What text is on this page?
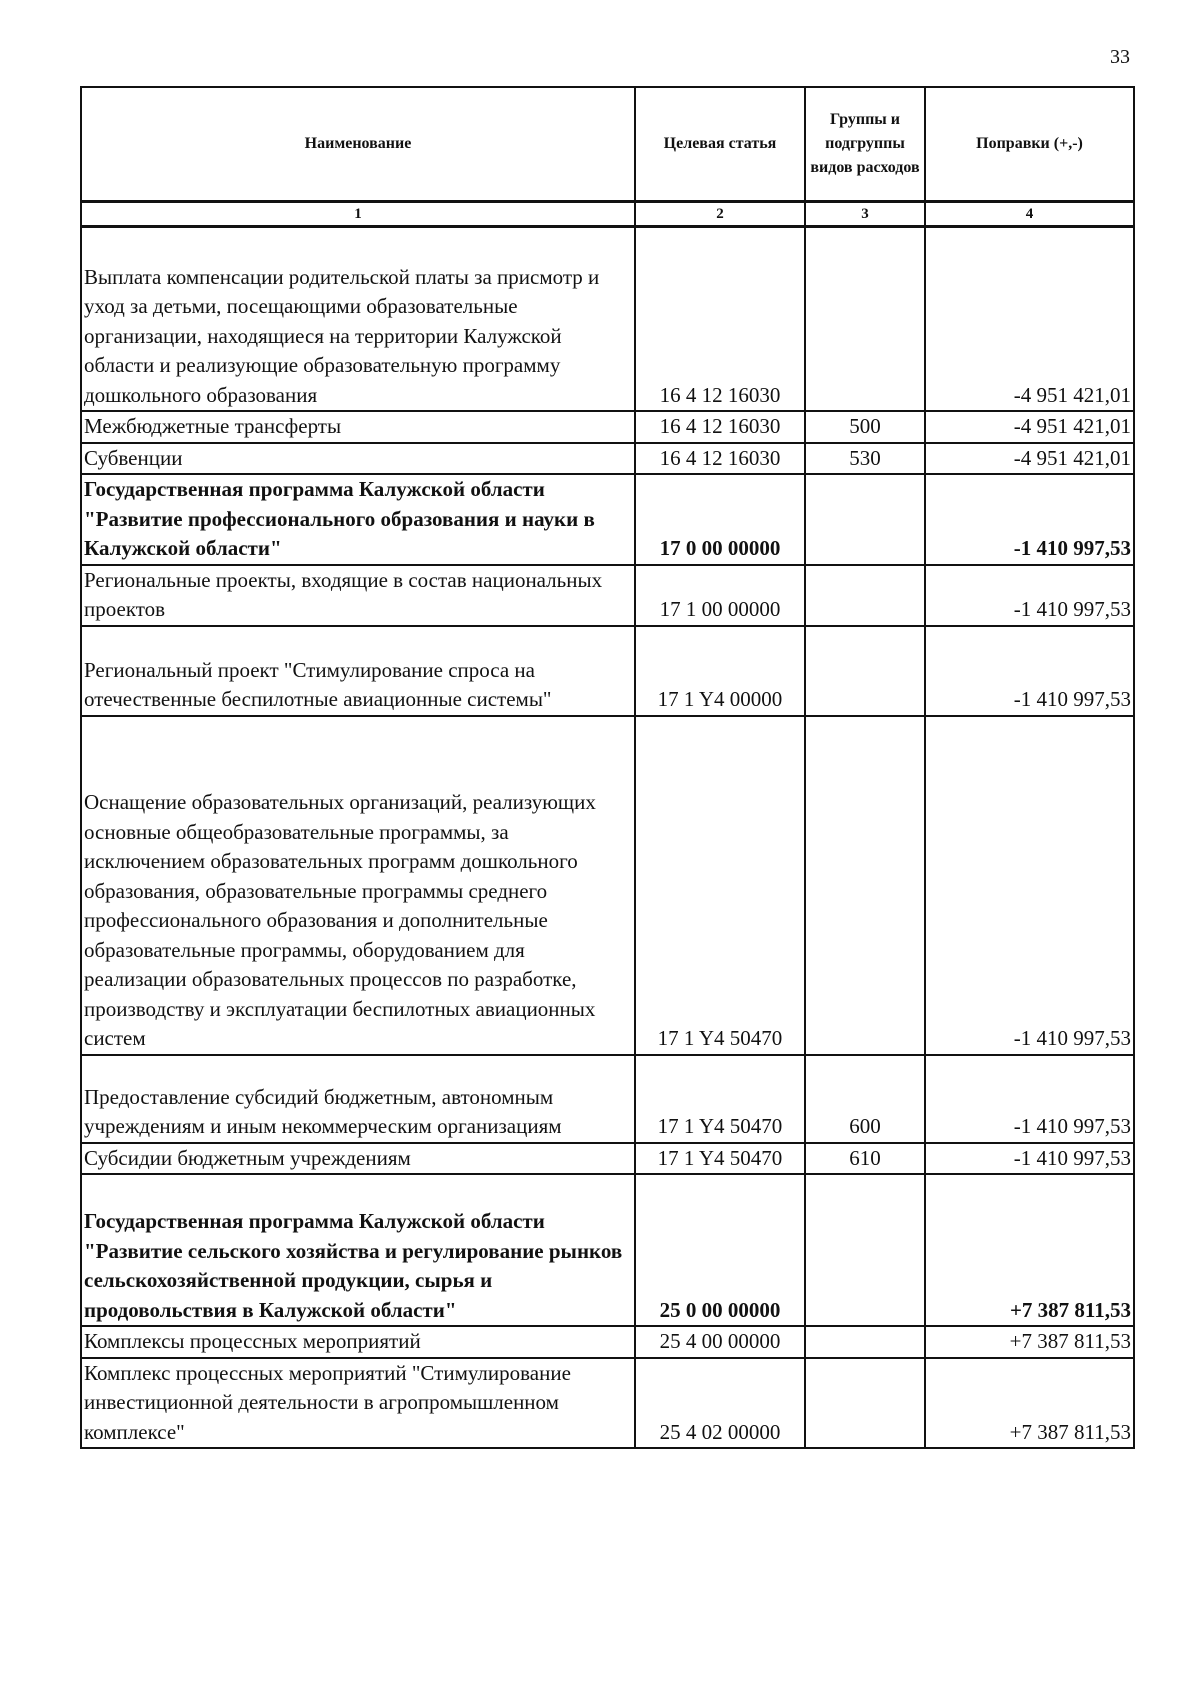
33
Наименование	Целевая статья	Группы и подгруппы видов расходов	Поправки (+,-)
1	2	3	4
Выплата компенсации родительской платы за присмотр и уход за детьми, посещающими образовательные организации, находящиеся на территории Калужской области и реализующие образовательную программу дошкольного образования	16 4 12 16030		-4 951 421,01
Межбюджетные трансферты	16 4 12 16030	500	-4 951 421,01
Субвенции	16 4 12 16030	530	-4 951 421,01
Государственная программа Калужской области "Развитие профессионального образования и науки в Калужской области"	17 0 00 00000		-1 410 997,53
Региональные проекты, входящие в состав национальных проектов	17 1 00 00000		-1 410 997,53
Региональный проект "Стимулирование спроса на отечественные беспилотные авиационные системы"	17 1 Y4 00000		-1 410 997,53
Оснащение образовательных организаций, реализующих основные общеобразовательные программы, за исключением образовательных программ дошкольного образования, образовательные программы среднего профессионального образования и дополнительные образовательные программы, оборудованием для реализации образовательных процессов по разработке, производству и эксплуатации беспилотных авиационных систем	17 1 Y4 50470		-1 410 997,53
Предоставление субсидий бюджетным, автономным учреждениям и иным некоммерческим организациям	17 1 Y4 50470	600	-1 410 997,53
Субсидии бюджетным учреждениям	17 1 Y4 50470	610	-1 410 997,53
Государственная программа Калужской области "Развитие сельского хозяйства и регулирование рынков сельскохозяйственной продукции, сырья и продовольствия в Калужской области"	25 0 00 00000		+7 387 811,53
Комплексы процессных мероприятий	25 4 00 00000		+7 387 811,53
Комплекс процессных мероприятий "Стимулирование инвестиционной деятельности в агропромышленном комплексе"	25 4 02 00000		+7 387 811,53
